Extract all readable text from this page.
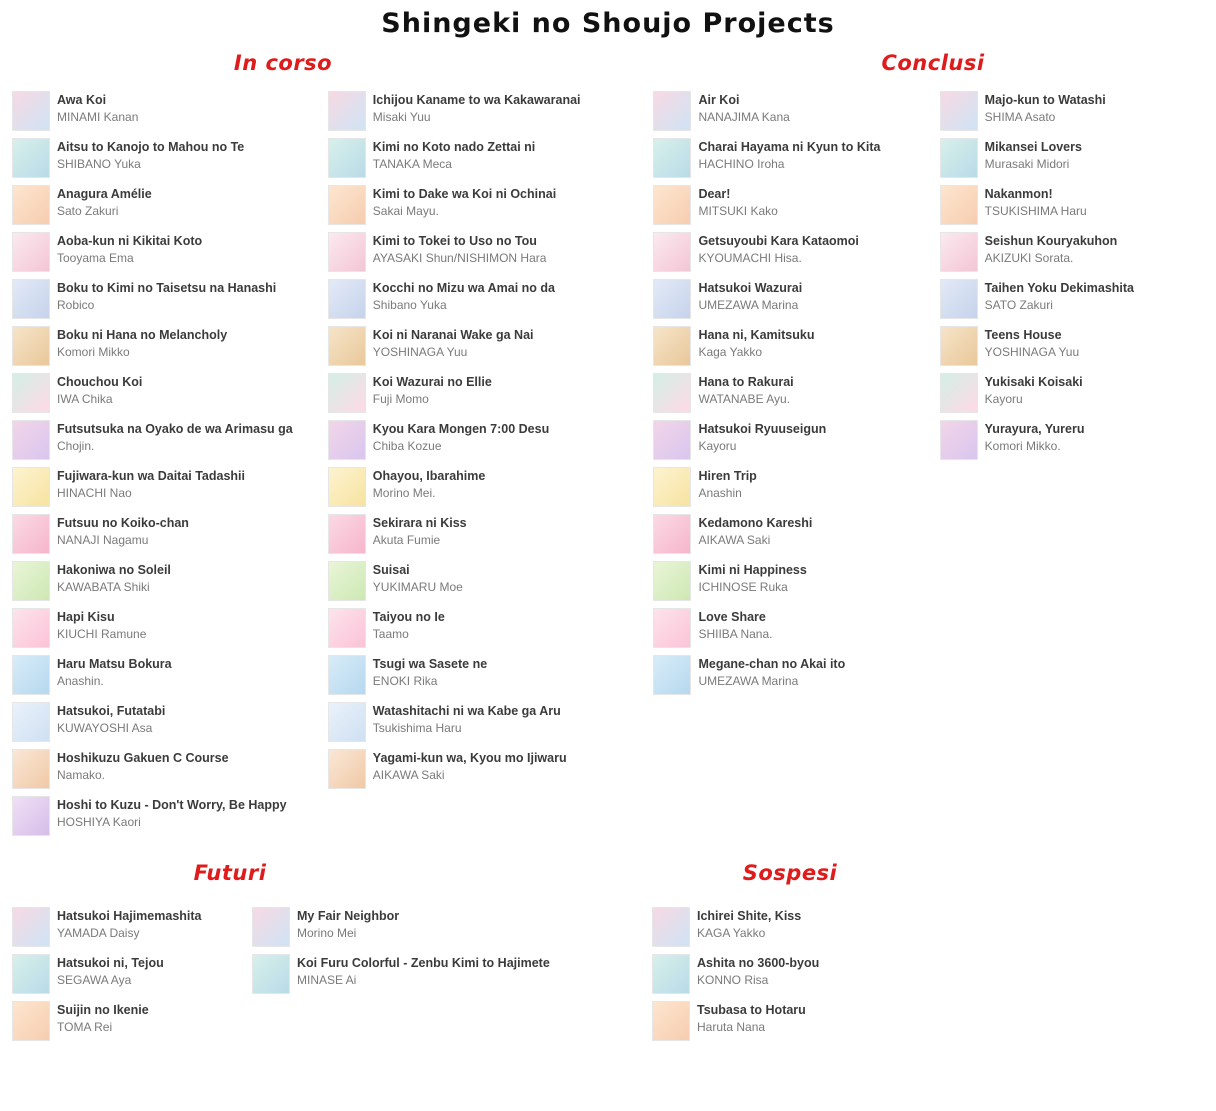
Shingeki no Shoujo Projects
In corso	Conclusi
Awa Koi
MINAMI Kanan
Aitsu to Kanojo to Mahou no Te
SHIBANO Yuka
Anagura Amélie
Sato Zakuri
Aoba-kun ni Kikitai Koto
Tooyama Ema
Boku to Kimi no Taisetsu na Hanashi
Robico
Boku ni Hana no Melancholy
Komori Mikko
Chouchou Koi
IWA Chika
Futsutsuka na Oyako de wa Arimasu ga
Chojin.
Fujiwara-kun wa Daitai Tadashii
HINACHI Nao
Futsuu no Koiko-chan
NANAJI Nagamu
Hakoniwa no Soleil
KAWABATA Shiki
Hapi Kisu
KIUCHI Ramune
Haru Matsu Bokura
Anashin.
Hatsukoi, Futatabi
KUWAYOSHI Asa
Hoshikuzu Gakuen C Course
Namako.
Hoshi to Kuzu - Don't Worry, Be Happy
HOSHIYA Kaori
Ichijou Kaname to wa Kakawaranai
Misaki Yuu
Kimi no Koto nado Zettai ni
TANAKA Meca
Kimi to Dake wa Koi ni Ochinai
Sakai Mayu.
Kimi to Tokei to Uso no Tou
AYASAKI Shun/NISHIMON Hara
Kocchi no Mizu wa Amai no da
Shibano Yuka
Koi ni Naranai Wake ga Nai
YOSHINAGA Yuu
Koi Wazurai no Ellie
Fuji Momo
Kyou Kara Mongen 7:00 Desu
Chiba Kozue
Ohayou, Ibarahime
Morino Mei.
Sekirara ni Kiss
Akuta Fumie
Suisai
YUKIMARU Moe
Taiyou no Ie
Taamo
Tsugi wa Sasete ne
ENOKI Rika
Watashitachi ni wa Kabe ga Aru
Tsukishima Haru
Yagami-kun wa, Kyou mo Ijiwaru
AIKAWA Saki
Air Koi
NANAJIMA Kana
Charai Hayama ni Kyun to Kita
HACHINO Iroha
Dear!
MITSUKI Kako
Getsuyoubi Kara Kataomoi
KYOUMACHI Hisa.
Hatsukoi Wazurai
UMEZAWA Marina
Hana ni, Kamitsuku
Kaga Yakko
Hana to Rakurai
WATANABE Ayu.
Hatsukoi Ryuuseigun
Kayoru
Hiren Trip
Anashin
Kedamono Kareshi
AIKAWA Saki
Kimi ni Happiness
ICHINOSE Ruka
Love Share
SHIIBA Nana.
Megane-chan no Akai ito
UMEZAWA Marina
Majo-kun to Watashi
SHIMA Asato
Mikansei Lovers
Murasaki Midori
Nakanmon!
TSUKISHIMA Haru
Seishun Kouryakuhon
AKIZUKI Sorata.
Taihen Yoku Dekimashita
SATO Zakuri
Teens House
YOSHINAGA Yuu
Yukisaki Koisaki
Kayoru
Yurayura, Yureru
Komori Mikko.
Futuri	Sospesi
Hatsukoi Hajimemashita
YAMADA Daisy
Hatsukoi ni, Tejou
SEGAWA Aya
Suijin no Ikenie
TOMA Rei
My Fair Neighbor
Morino Mei
Koi Furu Colorful - Zenbu Kimi to Hajimete
MINASE Ai
Ichirei Shite, Kiss
KAGA Yakko
Ashita no 3600-byou
KONNO Risa
Tsubasa to Hotaru
Haruta Nana
